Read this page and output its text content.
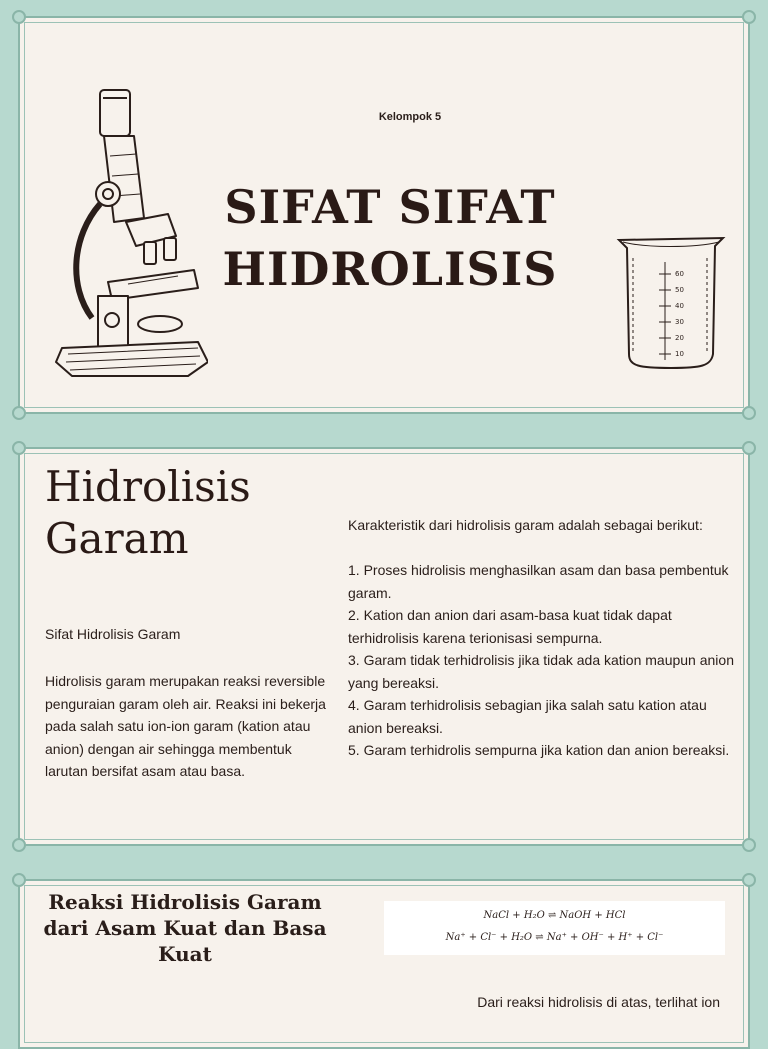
Kelompok 5
SIFAT SIFAT
HIDROLISIS	60
50
40
30
20
10
Hidrolisis
Garam
Sifat Hidrolisis Garam
Hidrolisis garam merupakan reaksi reversible penguraian garam oleh air. Reaksi ini bekerja pada salah satu ion-ion garam (kation atau anion) dengan air sehingga membentuk larutan bersifat asam atau basa.

Karakteristik dari hidrolisis garam adalah sebagai berikut:

1. Proses hidrolisis menghasilkan asam dan basa pembentuk garam.
2. Kation dan anion dari asam-basa kuat tidak dapat terhidrolisis karena terionisasi sempurna.
3. Garam tidak terhidrolisis jika tidak ada kation maupun anion yang bereaksi.
4. Garam terhidrolisis sebagian jika salah satu kation atau anion bereaksi.
5. Garam terhidrolis sempurna jika kation dan anion bereaksi.
Reaksi Hidrolisis Garam dari Asam Kuat dan Basa Kuat
NaCl + H₂O ⇌ NaOH + HCl
Na⁺ + Cl⁻ + H₂O ⇌ Na⁺ + OH⁻ + H⁺ + Cl⁻
Dari reaksi hidrolisis di atas, terlihat ion
